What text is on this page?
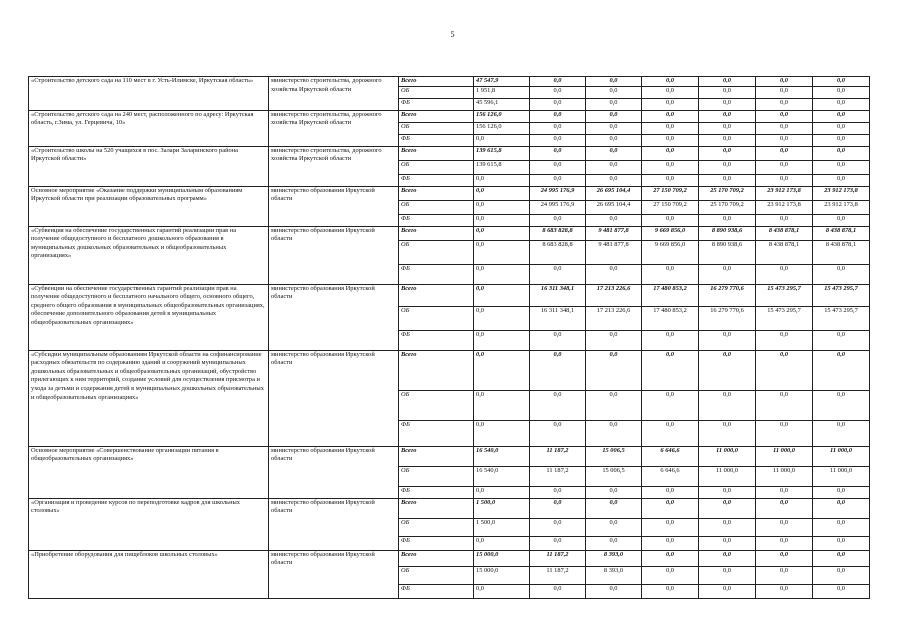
5
«Строительство детского сада на 110 мест в г. Усть-Илимске, Иркутская область»	министерство строительства, дорожного хозяйства Иркутской области	Всего	47 547,9	0,0	0,0	0,0	0,0	0,0	0,0
		ОБ	1 951,8	0,0	0,0	0,0	0,0	0,0	0,0
		ФБ	45 596,1	0,0	0,0	0,0	0,0	0,0	0,0
«Строительство детского сада на 240 мест, расположенного по адресу: Иркутская область, г.Зима, ул. Герцевича, 10»	министерство строительства, дорожного хозяйства Иркутской области	Всего	156 126,0	0,0	0,0	0,0	0,0	0,0	0,0
		ОБ	156 126,0	0,0	0,0	0,0	0,0	0,0	0,0
		ФБ	0,0	0,0	0,0	0,0	0,0	0,0	0,0
«Строительство школы на 520 учащихся в пос. Залари Заларинского района Иркутской области»	министерство строительства, дорожного хозяйства Иркутской области	Всего	139 615,8	0,0	0,0	0,0	0,0	0,0	0,0
		ОБ	139 615,8	0,0	0,0	0,0	0,0	0,0	0,0
		ФБ	0,0	0,0	0,0	0,0	0,0	0,0	0,0
Основное мероприятие «Оказание поддержки муниципальным образованиям Иркутской области при реализации образовательных программ»	министерство образования Иркутской области	Всего	0,0	24 995 176,9	26 695 104,4	27 150 709,2	25 170 709,2	23 912 173,8	23 912 173,8
		ОБ	0,0	24 995 176,9	26 695 104,4	27 150 709,2	25 170 709,2	23 912 173,8	23 912 173,8
		ФБ	0,0	0,0	0,0	0,0	0,0	0,0	0,0
«Субвенция на обеспечение государственных гарантий реализации прав на получение общедоступного и бесплатного дошкольного образования в муниципальных дошкольных образовательных и общеобразовательных организациях»	министерство образования Иркутской области	Всего	0,0	8 683 828,8	9 481 877,8	9 669 856,0	8 890 938,6	8 438 878,1	8 438 878,1
		ОБ	0,0	8 683 828,8	9 481 877,8	9 669 856,0	8 890 938,6	8 438 878,1	8 438 878,1
		ФБ	0,0	0,0	0,0	0,0	0,0	0,0	0,0
«Субвенции на обеспечение государственных гарантий реализации прав на получение общедоступного и бесплатного начального общего, основного общего, среднего общего образования в муниципальных общеобразовательных организациях, обеспечение дополнительного образования детей в муниципальных общеобразовательных организациях»	министерство образования Иркутской области	Всего	0,0	16 311 348,1	17 213 226,6	17 480 853,2	16 279 770,6	15 473 295,7	15 473 295,7
		ОБ	0,0	16 311 348,1	17 213 226,6	17 480 853,2	16 279 770,6	15 473 295,7	15 473 295,7
		ФБ	0,0	0,0	0,0	0,0	0,0	0,0	0,0
«Субсидии муниципальным образованиям Иркутской области на софинансирование расходных обязательств по содержанию зданий и сооружений муниципальных дошкольных образовательных и общеобразовательных организаций, обустройство прилегающих к ним территорий, создание условий для осуществления присмотра и ухода за детьми и содержания детей в муниципальных дошкольных образовательных и общеобразовательных организациях»	министерство образования Иркутской области	Всего	0,0	0,0	0,0	0,0	0,0	0,0	0,0
		ОБ	0,0	0,0	0,0	0,0	0,0	0,0	0,0
		ФБ	0,0	0,0	0,0	0,0	0,0	0,0	0,0
Основное мероприятие «Совершенствование организации питания в общеобразовательных организациях»	министерство образования Иркутской области	Всего	16 540,0	11 187,2	15 006,5	6 646,6	11 000,0	11 000,0	11 000,0
		ОБ	16 540,0	11 187,2	15 006,5	6 646,6	11 000,0	11 000,0	11 000,0
		ФБ	0,0	0,0	0,0	0,0	0,0	0,0	0,0
«Организация и проведение курсов по переподготовке кадров для школьных столовых»	министерство образования Иркутской области	Всего	1 500,0	0,0	0,0	0,0	0,0	0,0	0,0
		ОБ	1 500,0	0,0	0,0	0,0	0,0	0,0	0,0
		ФБ	0,0	0,0	0,0	0,0	0,0	0,0	0,0
«Приобретение оборудования для пищеблоков школьных столовых»	министерство образования Иркутской области	Всего	15 000,0	11 187,2	8 393,0	0,0	0,0	0,0	0,0
		ОБ	15 000,0	11 187,2	8 393,0	0,0	0,0	0,0	0,0
		ФБ	0,0	0,0	0,0	0,0	0,0	0,0	0,0
